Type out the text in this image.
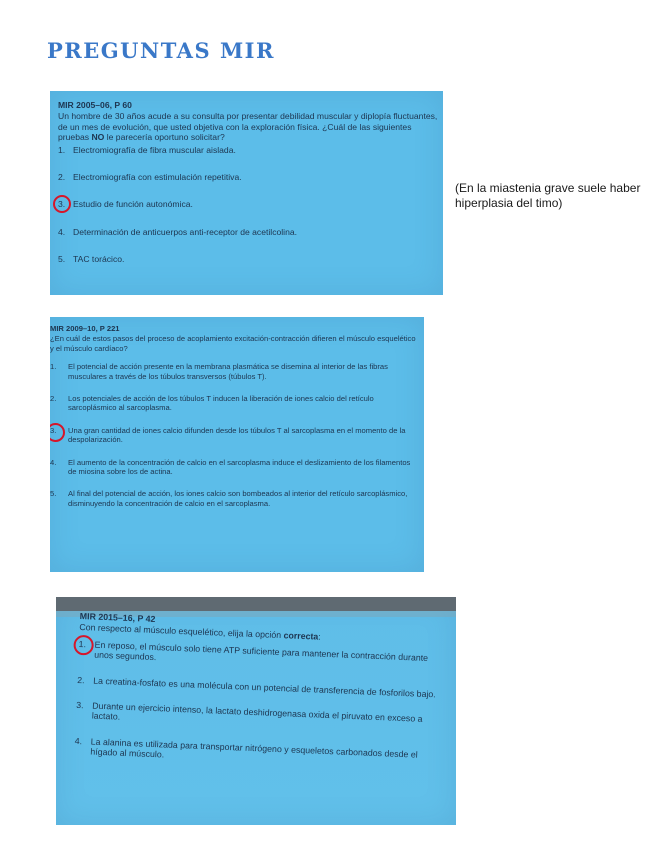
PREGUNTAS MIR
(En la miastenia grave suele haber hiperplasia del timo)
MIR 2005–06, P 60
Un hombre de 30 años acude a su consulta por presentar debilidad muscular y diplopía fluctuantes, de un mes de evolución, que usted objetiva con la exploración física. ¿Cuál de las siguientes pruebas NO le parecería oportuno solicitar?
1. Electromiografía de fibra muscular aislada.
2. Electromiografía con estimulación repetitiva.
3. Estudio de función autonómica.
4. Determinación de anticuerpos anti-receptor de acetilcolina.
5. TAC torácico.
MIR 2009–10, P 221
¿En cuál de estos pasos del proceso de acoplamiento excitación-contracción difieren el músculo esquelético y el músculo cardíaco?
1.	El potencial de acción presente en la membrana plasmática se disemina al interior de las fibras musculares a través de los túbulos transversos (túbulos T).
2.	Los potenciales de acción de los túbulos T inducen la liberación de iones calcio del retículo sarcoplásmico al sarcoplasma.
3.	Una gran cantidad de iones calcio difunden desde los túbulos T al sarcoplasma en el momento de la despolarización.
4.	El aumento de la concentración de calcio en el sarcoplasma induce el deslizamiento de los filamentos de miosina sobre los de actina.
5.	Al final del potencial de acción, los iones calcio son bombeados al interior del retículo sarcoplásmico, disminuyendo la concentración de calcio en el sarcoplasma.
MIR 2015–16, P 42
Con respecto al músculo esquelético, elija la opción correcta:
1. En reposo, el músculo solo tiene ATP suficiente para mantener la contracción durante unos segundos.
2. La creatina-fosfato es una molécula con un potencial de transferencia de fosforilos bajo.
3. Durante un ejercicio intenso, la lactato deshidrogenasa oxida el piruvato en exceso a lactato.
4. La alanina es utilizada para transportar nitrógeno y esqueletos carbonados desde el hígado al músculo.
